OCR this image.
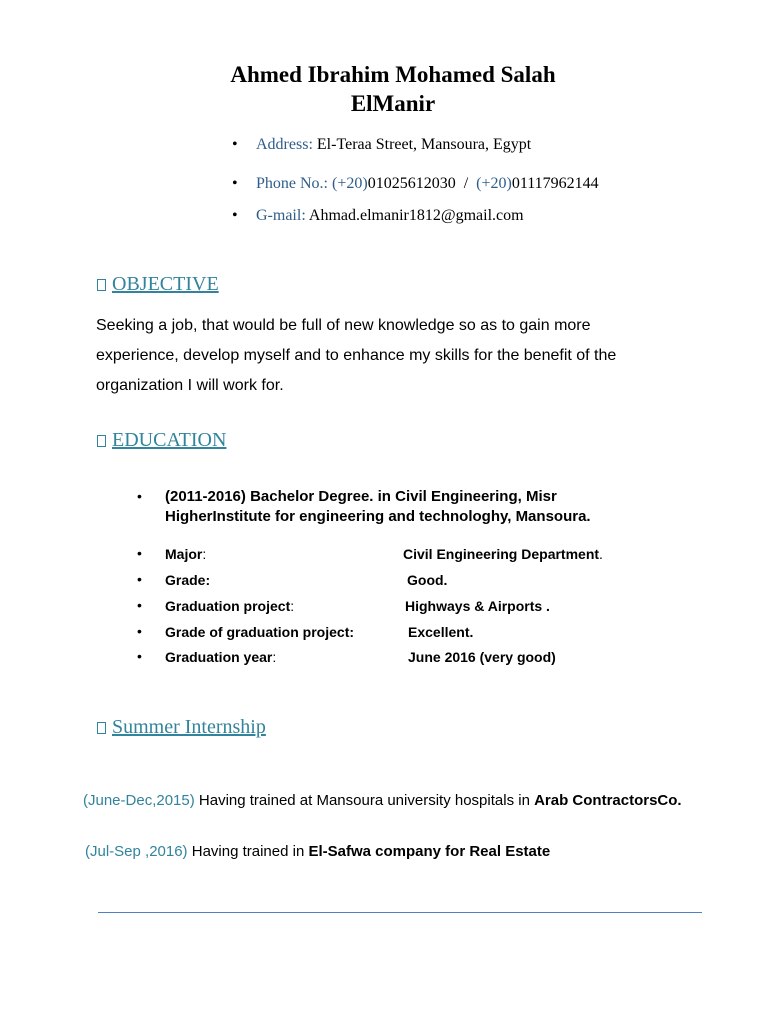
Ahmed Ibrahim Mohamed Salah
ElManir
• Address: El-Teraa Street, Mansoura, Egypt
• Phone No.: (+20)01025612030 / (+20)01117962144
• G-mail: Ahmad.elmanir1812@gmail.com
OBJECTIVE
Seeking a job, that would be full of new knowledge so as to gain more
experience, develop myself and to enhance my skills for the benefit of the
organization I will work for.
EDUCATION
• (2011-2016) Bachelor Degree. in Civil Engineering, Misr
HigherInstitute for engineering and technologhy, Mansoura.
• Major:	Civil Engineering Department.
• Grade:	Good.
• Graduation project:	Highways & Airports .
• Grade of graduation project:	Excellent.
• Graduation year:	June 2016 (very good)
Summer Internship
(June-Dec,2015) Having trained at Mansoura university hospitals in Arab ContractorsCo.
(Jul-Sep ,2016) Having trained in El-Safwa company for Real Estate
